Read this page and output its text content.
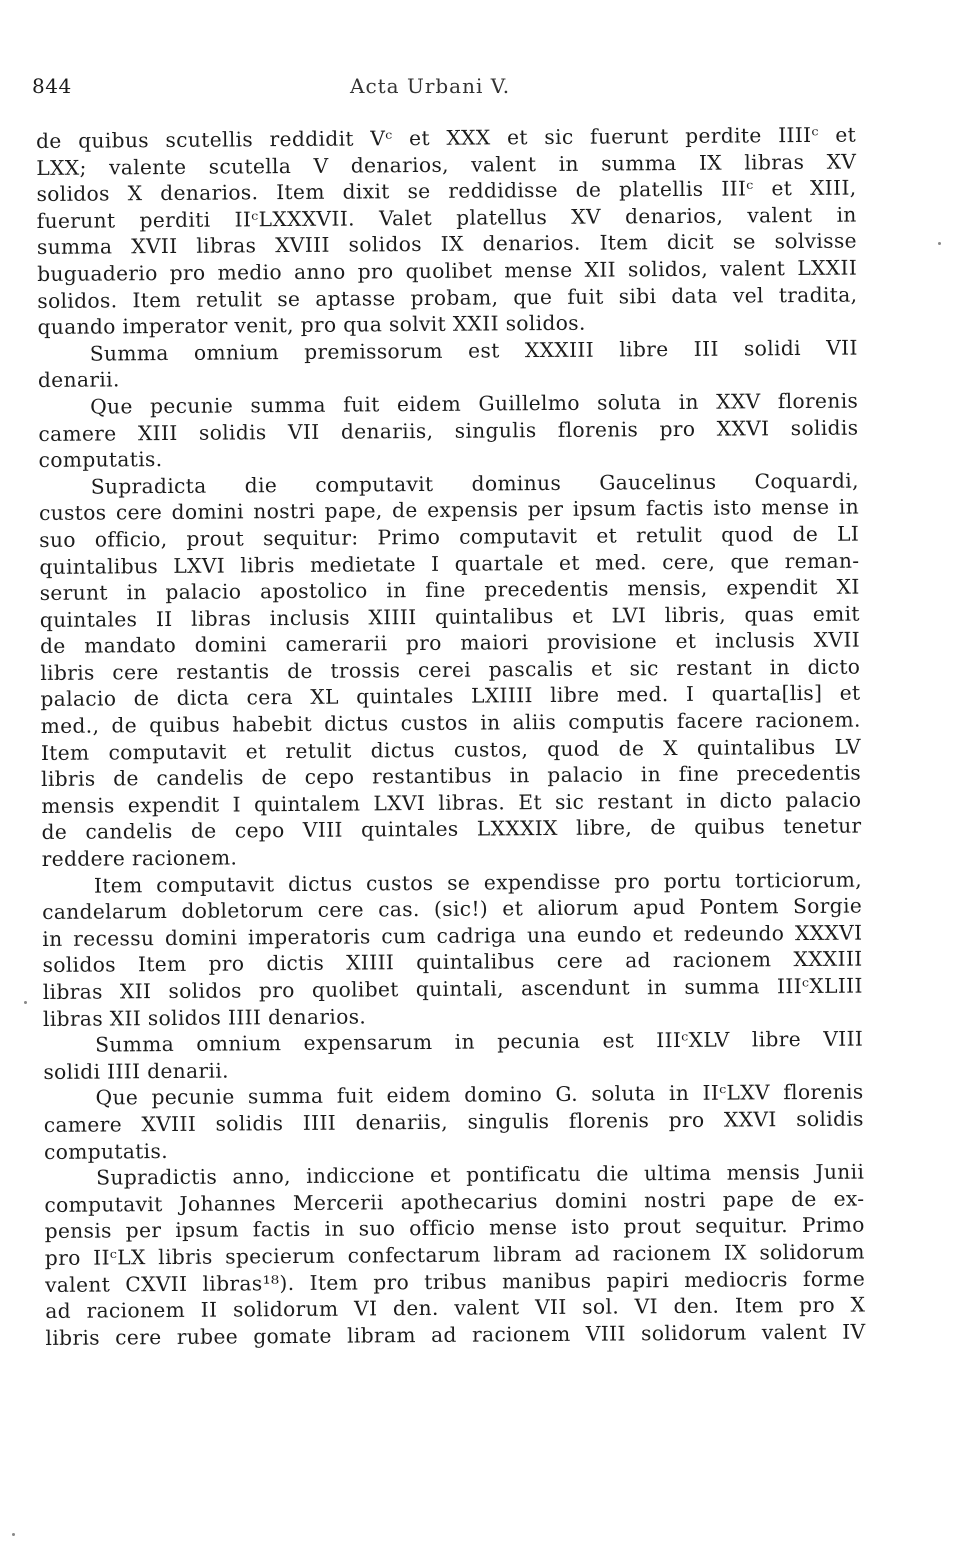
844	Acta Urbani V.
de quibus scutellis reddidit Vᶜ et XXX et sic fuerunt perdite IIIIᶜ et
LXX; valente scutella V denarios, valent in summa IX libras XV
solidos X denarios. Item dixit se reddidisse de platellis IIIᶜ et XIII,
fuerunt perditi IIᶜLXXXVII. Valet platellus XV denarios, valent in
summa XVII libras XVIII solidos IX denarios. Item dicit se solvisse
buguaderio pro medio anno pro quolibet mense XII solidos, valent LXXII
solidos. Item retulit se aptasse probam, que fuit sibi data vel tradita,
quando imperator venit, pro qua solvit XXII solidos.
Summa omnium premissorum est XXXIII libre III solidi VII
denarii.
Que pecunie summa fuit eidem Guillelmo soluta in XXV florenis
camere XIII solidis VII denariis, singulis florenis pro XXVI solidis
computatis.
Supradicta die computavit dominus Gaucelinus Coquardi,
custos cere domini nostri pape, de expensis per ipsum factis isto mense in
suo officio, prout sequitur: Primo computavit et retulit quod de LI
quintalibus LXVI libris medietate I quartale et med. cere, que reman-
serunt in palacio apostolico in fine precedentis mensis, expendit XI
quintales II libras inclusis XIIII quintalibus et LVI libris, quas emit
de mandato domini camerarii pro maiori provisione et inclusis XVII
libris cere restantis de trossis cerei pascalis et sic restant in dicto
palacio de dicta cera XL quintales LXIIII libre med. I quarta[lis] et
med., de quibus habebit dictus custos in aliis computis facere racionem.
Item computavit et retulit dictus custos, quod de X quintalibus LV
libris de candelis de cepo restantibus in palacio in fine precedentis
mensis expendit I quintalem LXVI libras. Et sic restant in dicto palacio
de candelis de cepo VIII quintales LXXXIX libre, de quibus tenetur
reddere racionem.
Item computavit dictus custos se expendisse pro portu torticiorum,
candelarum dobletorum cere cas. (sic!) et aliorum apud Pontem Sorgie
in recessu domini imperatoris cum cadriga una eundo et redeundo XXXVI
solidos Item pro dictis XIIII quintalibus cere ad racionem XXXIII
libras XII solidos pro quolibet quintali, ascendunt in summa IIIᶜXLIII
libras XII solidos IIII denarios.
Summa omnium expensarum in pecunia est IIIᶜXLV libre VIII
solidi IIII denarii.
Que pecunie summa fuit eidem domino G. soluta in IIᶜLXV florenis
camere XVIII solidis IIII denariis, singulis florenis pro XXVI solidis
computatis.
Supradictis anno, indiccione et pontificatu die ultima mensis Junii
computavit Johannes Mercerii apothecarius domini nostri pape de ex-
pensis per ipsum factis in suo officio mense isto prout sequitur. Primo
pro IIᶜLX libris specierum confectarum libram ad racionem IX solidorum
valent CXVII libras¹⁸). Item pro tribus manibus papiri mediocris forme
ad racionem II solidorum VI den. valent VII sol. VI den. Item pro X
libris cere rubee gomate libram ad racionem VIII solidorum valent IV
